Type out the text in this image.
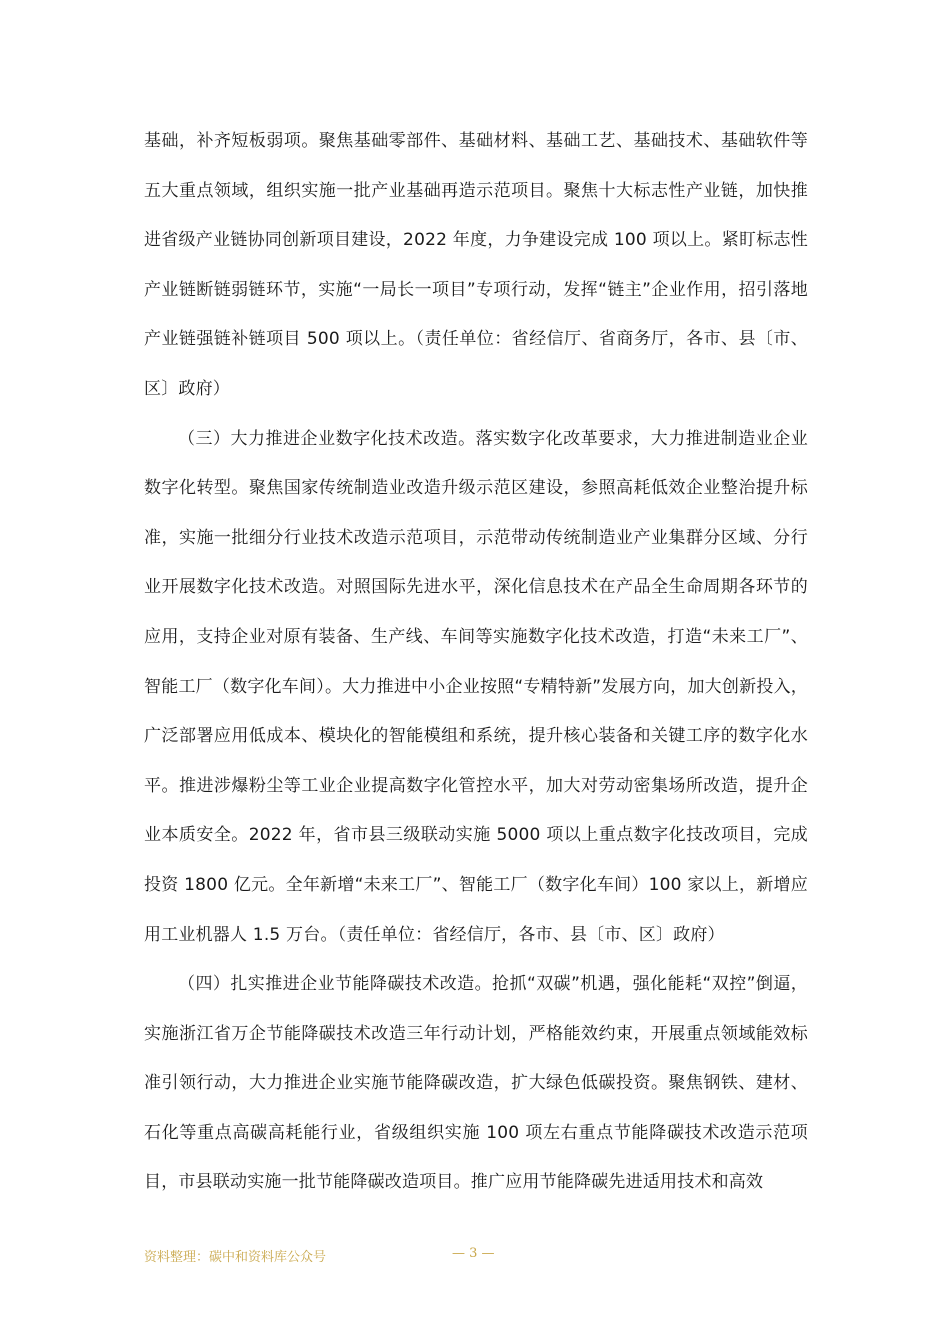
基础，补齐短板弱项。聚焦基础零部件、基础材料、基础工艺、基础技术、基础软件等五大重点领域，组织实施一批产业基础再造示范项目。聚焦十大标志性产业链，加快推进省级产业链协同创新项目建设，2022 年度，力争建设完成 100 项以上。紧盯标志性产业链断链弱链环节，实施“一局长一项目”专项行动，发挥“链主”企业作用，招引落地产业链强链补链项目 500 项以上。（责任单位：省经信厅、省商务厅，各市、县〔市、区〕政府）

（三）大力推进企业数字化技术改造。落实数字化改革要求，大力推进制造业企业数字化转型。聚焦国家传统制造业改造升级示范区建设，参照高耗低效企业整治提升标准，实施一批细分行业技术改造示范项目，示范带动传统制造业产业集群分区域、分行业开展数字化技术改造。对照国际先进水平，深化信息技术在产品全生命周期各环节的应用，支持企业对原有装备、生产线、车间等实施数字化技术改造，打造“未来工厂”、智能工厂（数字化车间）。大力推进中小企业按照“专精特新”发展方向，加大创新投入，广泛部署应用低成本、模块化的智能模组和系统，提升核心装备和关键工序的数字化水平。推进涉爆粉尘等工业企业提高数字化管控水平，加大对劳动密集场所改造，提升企业本质安全。2022 年，省市县三级联动实施 5000 项以上重点数字化技改项目，完成投资 1800 亿元。全年新增“未来工厂”、智能工厂（数字化车间）100 家以上，新增应用工业机器人 1.5 万台。（责任单位：省经信厅，各市、县〔市、区〕政府）

（四）扎实推进企业节能降碳技术改造。抢抓“双碳”机遇，强化能耗“双控”倒逼，实施浙江省万企节能降碳技术改造三年行动计划，严格能效约束，开展重点领域能效标准引领行动，大力推进企业实施节能降碳改造，扩大绿色低碳投资。聚焦钢铁、建材、石化等重点高碳高耗能行业，省级组织实施 100 项左右重点节能降碳技术改造示范项目，市县联动实施一批节能降碳改造项目。推广应用节能降碳先进适用技术和高效

资料整理：碳中和资料库公众号	— 3 —
